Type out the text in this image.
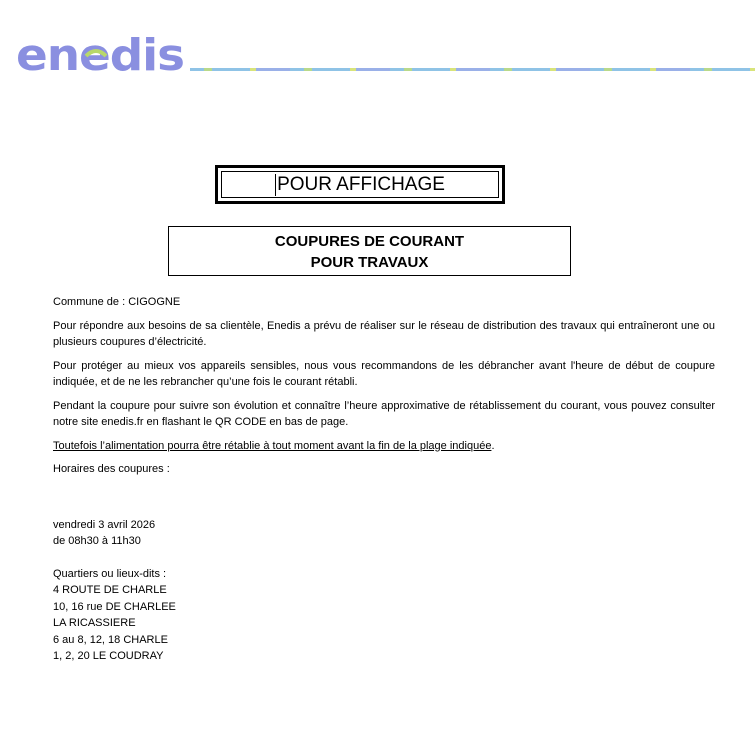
enedis
POUR AFFICHAGE
COUPURES DE COURANT
POUR TRAVAUX

Commune de : CIGOGNE

Pour répondre aux besoins de sa clientèle, Enedis a prévu de réaliser sur le réseau de distribution des travaux qui entraîneront une ou plusieurs coupures d’électricité.

Pour protéger au mieux vos appareils sensibles, nous vous recommandons de les débrancher avant l'heure de début de coupure indiquée, et de ne les rebrancher qu’une fois le courant rétabli.

Pendant la coupure pour suivre son évolution et connaître l’heure approximative de rétablissement du courant, vous pouvez consulter notre site enedis.fr en flashant le QR CODE en bas de page.

Toutefois l’alimentation pourra être rétablie à tout moment avant la fin de la plage indiquée.

Horaires des coupures :

vendredi 3 avril 2026
de 08h30 à 11h30
Quartiers ou lieux-dits :
4 ROUTE DE CHARLE
10, 16 rue DE CHARLEE
LA RICASSIERE
6 au 8, 12, 18 CHARLE
1, 2, 20 LE COUDRAY
